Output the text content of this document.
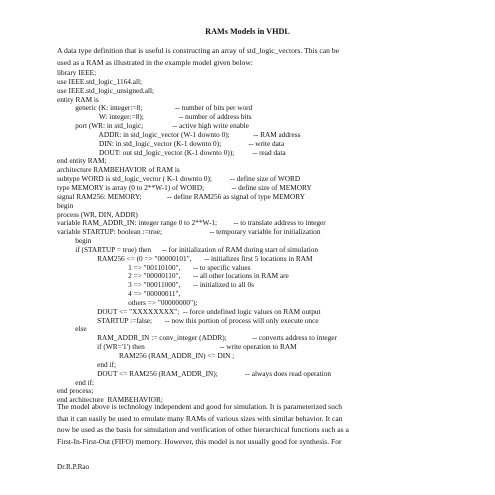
RAMs Models in VHDL
A data type definition that is useful is constructing an array of std_logic_vectors. This can be
used as a RAM as illustrated in the example model given below:
library IEEE;
use IEEE.std_logic_1164.all;
use IEEE.std_logic_unsigned.all;
entity RAM is
generic (K: integer:=8;                  -- number of bits per word
W: integer:=8);                   -- number of address bits
port (WR: in std_logic;                -- active high write enable
ADDR: in std_logic_vector (W-1 downto 0);             -- RAM address
DIN: in std_logic_vector (K-1 downto 0);               -- write data
DOUT: out std_logic_vector (K-1 downto 0));          -- read data
end entity RAM;
architecture RAMBEHAVIOR of RAM is
subtype WORD is std_logic_vector ( K-1 downto 0);          -- define size of WORD
type MEMORY is array (0 to 2**W-1) of WORD;               -- define size of MEMORY
signal RAM256: MEMORY;              -- define RAM256 as signal of type MEMORY
begin
process (WR, DIN, ADDR)
variable RAM_ADDR_IN: integer range 0 to 2**W-1;         -- to translate address to integer
variable STARTUP: boolean :=true;                          -- temporary variable for initialization
begin
if (STARTUP = true) then      -- for initialization of RAM during start of simulation
RAM256 <= (0 => "00000101",       -- initializes first 5 locations in RAM
1 => "00110100",       -- to specific values
2 => "00000110",       -- all other locations in RAM are
3 => "00011000",       -- initialized to all 0s
4 => "00000011",
others => "00000000");
DOUT <= "XXXXXXXX";  -- force undefined logic values on RAM output
STARTUP :=false;       -- now this portion of process will only execute once
else
RAM_ADDR_IN := conv_integer (ADDR);              -- converts address to integer
if (WR='1') then                                         -- write operation to RAM
RAM256 (RAM_ADDR_IN) <= DIN ;
end if;
DOUT <= RAM256 (RAM_ADDR_IN);               -- always does read operation
end if;
end process;
end architecture  RAMBEHAVIOR;
The model above is technology independent and good for simulation. It is parameterized such
that it can easily be used to emulate many RAMs of various sizes with similar behavior. It can
now be used as the basis for simulation and verification of other hierarchical functions such as a
First-In-First-Out (FIFO) memory. However, this model is not usually good for synthesis. For
Dr.R.P.Rao
